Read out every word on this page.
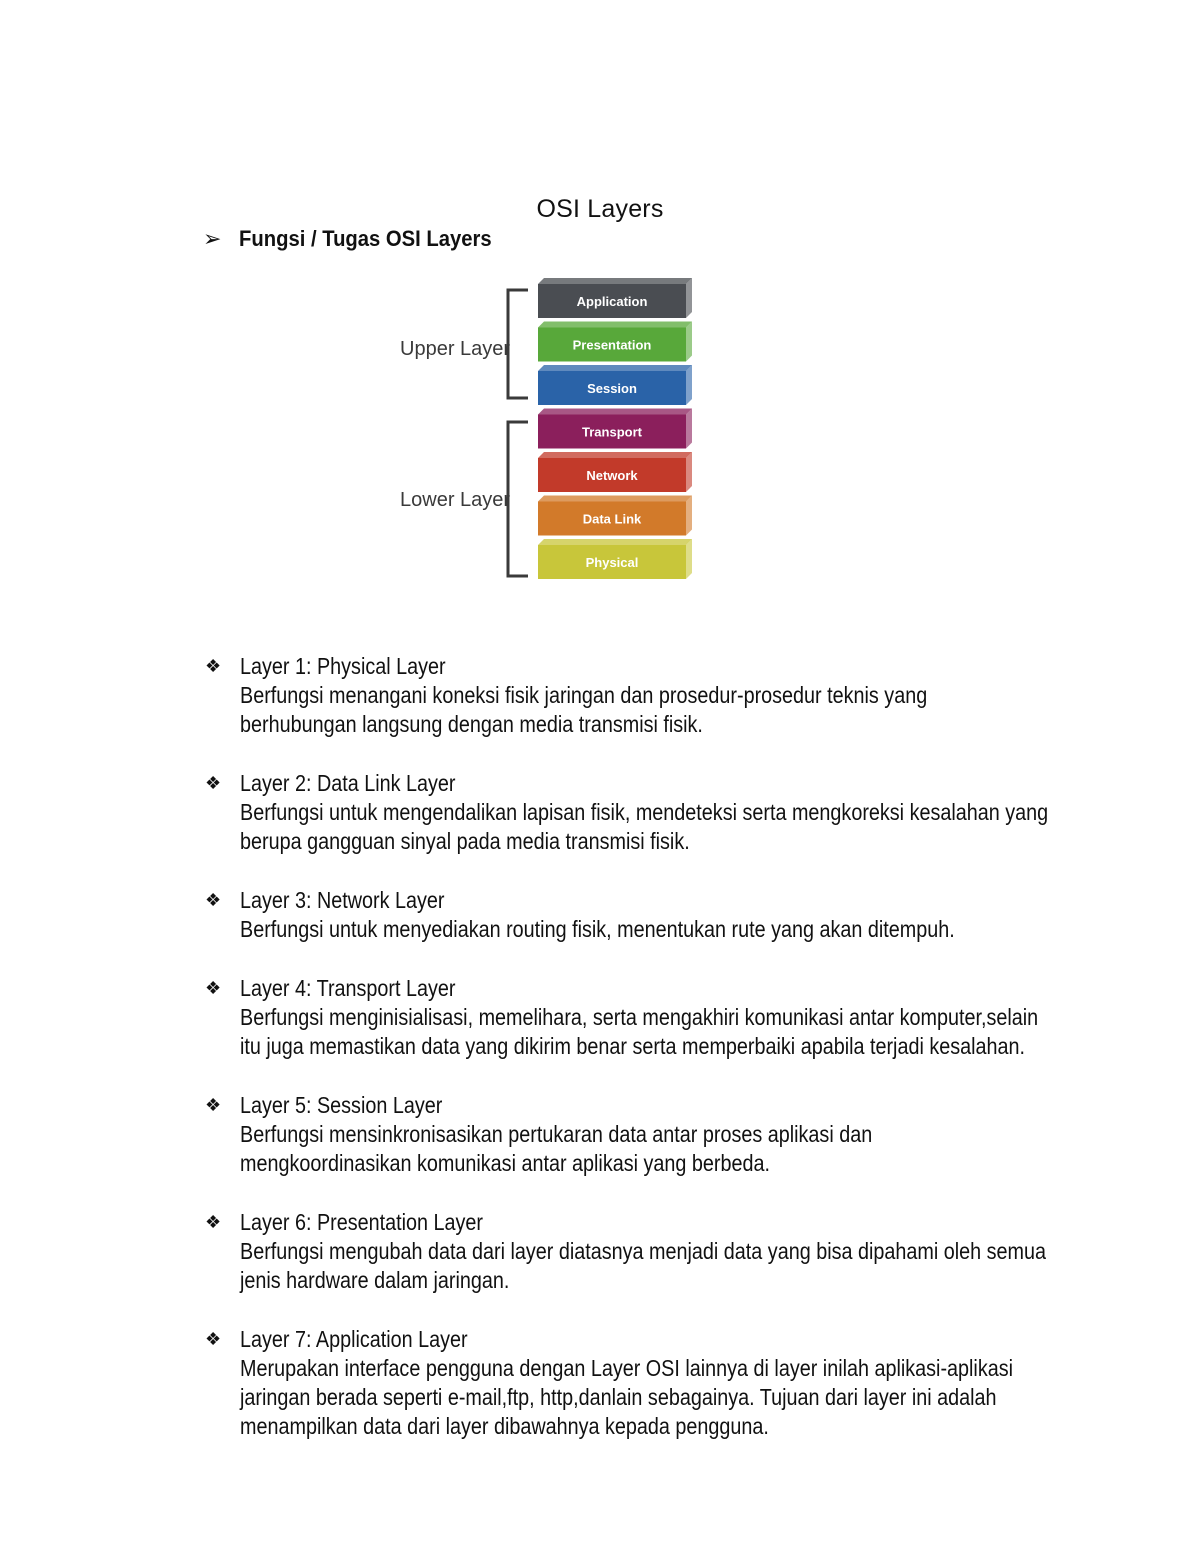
OSI Layers
➢ Fungsi / Tugas OSI Layers
Upper Layer
Lower Layer
Application
Presentation
Session
Transport
Network
Data Link
Physical
❖ Layer 1: Physical Layer
Berfungsi menangani koneksi fisik jaringan dan prosedur-prosedur teknis yang berhubungan langsung dengan media transmisi fisik.
❖ Layer 2: Data Link Layer
Berfungsi untuk mengendalikan lapisan fisik, mendeteksi serta mengkoreksi kesalahan yang berupa gangguan sinyal pada media transmisi fisik.
❖ Layer 3: Network Layer
Berfungsi untuk menyediakan routing fisik, menentukan rute yang akan ditempuh.
❖ Layer 4: Transport Layer
Berfungsi menginisialisasi, memelihara, serta mengakhiri komunikasi antar komputer,selain itu juga memastikan data yang dikirim benar serta memperbaiki apabila terjadi kesalahan.
❖ Layer 5: Session Layer
Berfungsi mensinkronisasikan pertukaran data antar proses aplikasi dan mengkoordinasikan komunikasi antar aplikasi yang berbeda.
❖ Layer 6: Presentation Layer
Berfungsi mengubah data dari layer diatasnya menjadi data yang bisa dipahami oleh semua jenis hardware dalam jaringan.
❖ Layer 7: Application Layer
Merupakan interface pengguna dengan Layer OSI lainnya di layer inilah aplikasi-aplikasi jaringan berada seperti e-mail,ftp, http,danlain sebagainya. Tujuan dari layer ini adalah menampilkan data dari layer dibawahnya kepada pengguna.
